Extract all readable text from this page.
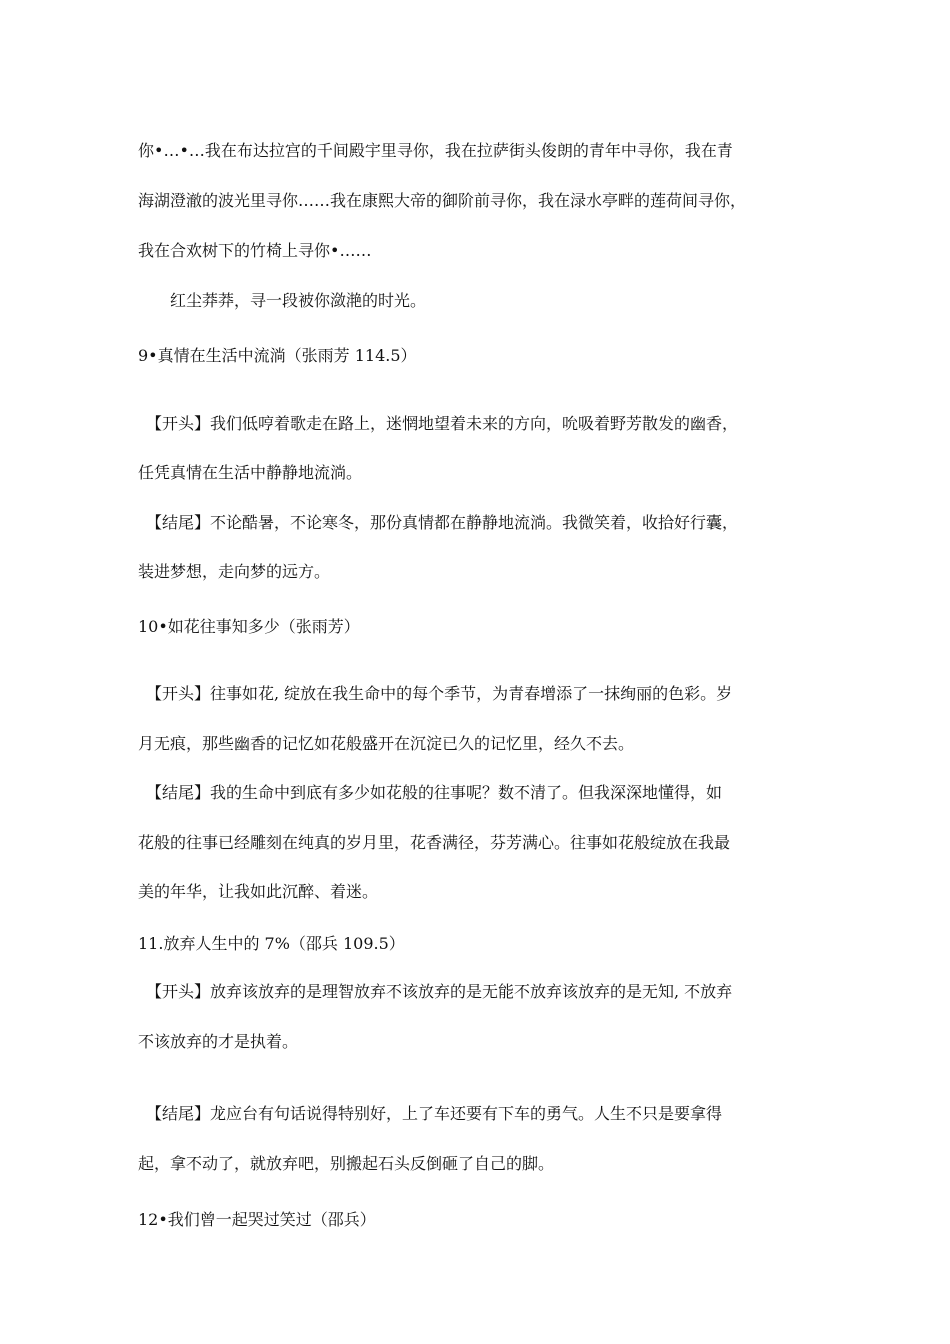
你•…•…我在布达拉宫的千间殿宇里寻你，我在拉萨街头俊朗的青年中寻你，我在青

海湖澄澈的波光里寻你……我在康熙大帝的御阶前寻你，我在渌水亭畔的莲荷间寻你，

我在合欢树下的竹椅上寻你•……

红尘莽莽，寻一段被你潋滟的时光。

9•真情在生活中流淌（张雨芳 114.5）

【开头】我们低哼着歌走在路上，迷惘地望着未来的方向，吮吸着野芳散发的幽香，

任凭真情在生活中静静地流淌。

【结尾】不论酷暑，不论寒冬，那份真情都在静静地流淌。我微笑着，收拾好行囊，

装进梦想，走向梦的远方。

10•如花往事知多少（张雨芳）

【开头】往事如花, 绽放在我生命中的每个季节，为青春增添了一抹绚丽的色彩。岁

月无痕，那些幽香的记忆如花般盛开在沉淀已久的记忆里，经久不去。

【结尾】我的生命中到底有多少如花般的往事呢？数不清了。但我深深地懂得，如

花般的往事已经雕刻在纯真的岁月里，花香满径，芬芳满心。往事如花般绽放在我最

美的年华，让我如此沉醉、着迷。

11.放弃人生中的 7%（邵兵 109.5）

【开头】放弃该放弃的是理智放弃不该放弃的是无能不放弃该放弃的是无知, 不放弃

不该放弃的才是执着。

【结尾】龙应台有句话说得特别好，上了车还要有下车的勇气。人生不只是要拿得

起，拿不动了，就放弃吧，别搬起石头反倒砸了自己的脚。

12•我们曾一起哭过笑过（邵兵）
